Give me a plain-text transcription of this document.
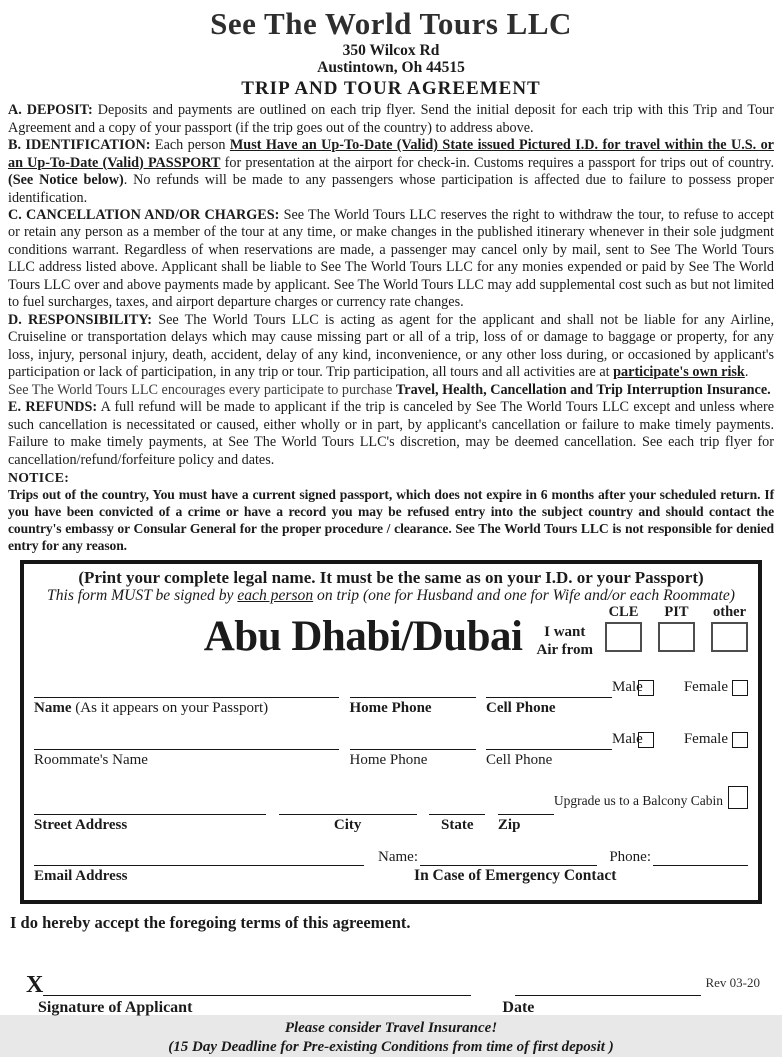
See The World Tours LLC
350 Wilcox Rd
Austintown, Oh 44515
TRIP AND TOUR AGREEMENT

A. DEPOSIT: Deposits and payments are outlined on each trip flyer. Send the initial deposit for each trip with this Trip and Tour Agreement and a copy of your passport (if the trip goes out of the country) to address above.

B. IDENTIFICATION: Each person Must Have an Up-To-Date (Valid) State issued Pictured I.D. for travel within the U.S. or an Up-To-Date (Valid) PASSPORT for presentation at the airport for check-in. Customs requires a passport for trips out of country. (See Notice below). No refunds will be made to any passengers whose participation is affected due to failure to possess proper identification.

C. CANCELLATION AND/OR CHARGES: See The World Tours LLC reserves the right to withdraw the tour, to refuse to accept or retain any person as a member of the tour at any time, or make changes in the published itinerary whenever in their sole judgment conditions warrant. Regardless of when reservations are made, a passenger may cancel only by mail, sent to See The World Tours LLC address listed above. Applicant shall be liable to See The World Tours LLC for any monies expended or paid by See The World Tours LLC over and above payments made by applicant. See The World Tours LLC may add supplemental cost such as but not limited to fuel surcharges, taxes, and airport departure charges or currency rate changes.

D. RESPONSIBILITY: See The World Tours LLC is acting as agent for the applicant and shall not be liable for any Airline, Cruiseline or transportation delays which may cause missing part or all of a trip, loss of or damage to baggage or property, for any loss, injury, personal injury, death, accident, delay of any kind, inconvenience, or any other loss during, or occasioned by applicant's participation or lack of participation, in any trip or tour. Trip participation, all tours and all activities are at participate's own risk.

See The World Tours LLC encourages every participate to purchase Travel, Health, Cancellation and Trip Interruption Insurance.

E. REFUNDS: A full refund will be made to applicant if the trip is canceled by See The World Tours LLC except and unless where such cancellation is necessitated or caused, either wholly or in part, by applicant's cancellation or failure to make timely payments. Failure to make timely payments, at See The World Tours LLC's discretion, may be deemed cancellation. See each trip flyer for cancellation/refund/forfeiture policy and dates.

NOTICE:

Trips out of the country, You must have a current signed passport, which does not expire in 6 months after your scheduled return. If you have been convicted of a crime or have a record you may be refused entry into the subject country and should contact the country's embassy or Consular General for the proper procedure / clearance. See The World Tours LLC is not responsible for denied entry for any reason.

(Print your complete legal name. It must be the same as on your I.D. or your Passport)
This form MUST be signed by each person on trip (one for Husband and one for Wife and/or each Roommate)
Abu Dhabi/Dubai	I want
Air from
CLE PIT other
Name (As it appears on your Passport)	Home Phone	Cell Phone
Male	Female
Roommate's Name	Home Phone	Cell Phone
Male	Female
Street Address	City	State	Zip
Upgrade us to a Balcony Cabin
Email Address
Name:	Phone:
In Case of Emergency Contact
I do hereby accept the foregoing terms of this agreement.
X
Signature of Applicant	Date
Please consider Travel Insurance!
(15 Day Deadline for Pre-existing Conditions from time of first deposit )
Rev 03-20
